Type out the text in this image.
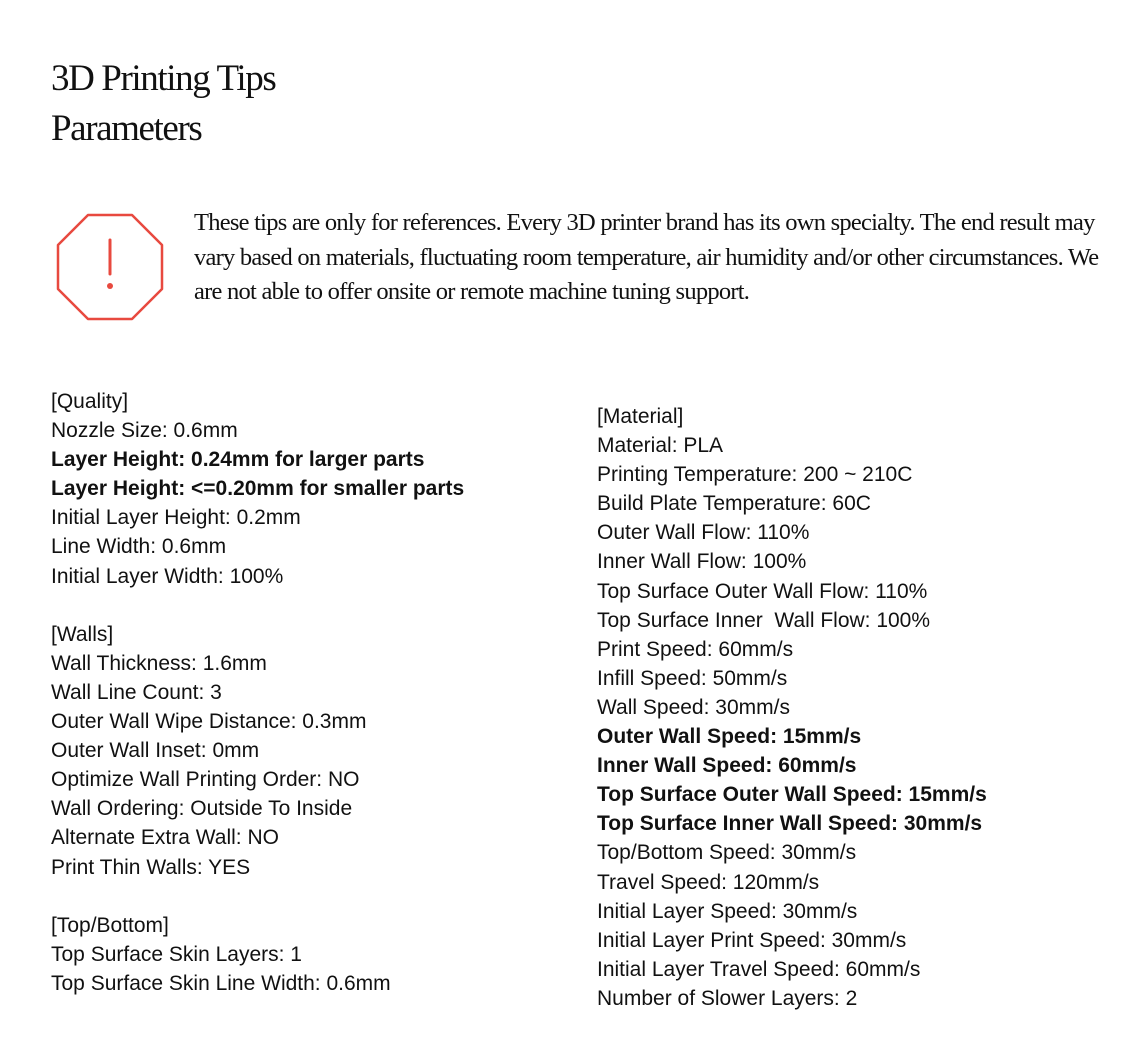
3D Printing Tips
Parameters

These tips are only for references. Every 3D printer brand has its own specialty. The end result may vary based on materials, fluctuating room temperature, air humidity and/or other circumstances. We are not able to offer onsite or remote machine tuning support.

[Quality]
Nozzle Size: 0.6mm
Layer Height: 0.24mm for larger parts
Layer Height: <=0.20mm for smaller parts
Initial Layer Height: 0.2mm
Line Width: 0.6mm
Initial Layer Width: 100%
[Walls]
Wall Thickness: 1.6mm
Wall Line Count: 3
Outer Wall Wipe Distance: 0.3mm
Outer Wall Inset: 0mm
Optimize Wall Printing Order: NO
Wall Ordering: Outside To Inside
Alternate Extra Wall: NO
Print Thin Walls: YES
[Top/Bottom]
Top Surface Skin Layers: 1
Top Surface Skin Line Width: 0.6mm
[Material]
Material: PLA
Printing Temperature: 200 ~ 210C
Build Plate Temperature: 60C
Outer Wall Flow: 110%
Inner Wall Flow: 100%
Top Surface Outer Wall Flow: 110%
Top Surface Inner  Wall Flow: 100%
Print Speed: 60mm/s
Infill Speed: 50mm/s
Wall Speed: 30mm/s
Outer Wall Speed: 15mm/s
Inner Wall Speed: 60mm/s
Top Surface Outer Wall Speed: 15mm/s
Top Surface Inner Wall Speed: 30mm/s
Top/Bottom Speed: 30mm/s
Travel Speed: 120mm/s
Initial Layer Speed: 30mm/s
Initial Layer Print Speed: 30mm/s
Initial Layer Travel Speed: 60mm/s
Number of Slower Layers: 2
